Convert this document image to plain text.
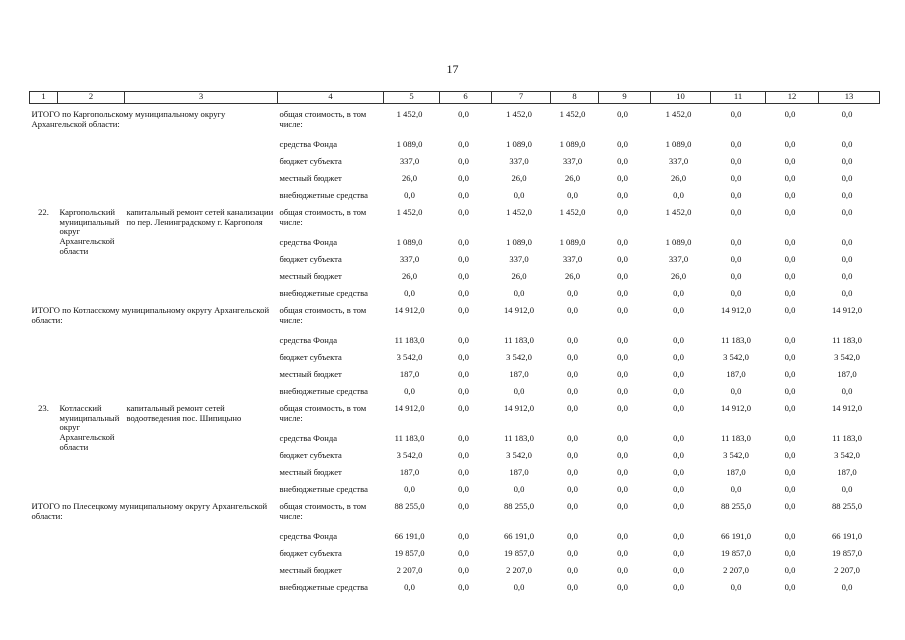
17
1	2	3	4	5	6	7	8	9	10	11	12	13

ИТОГО по Каргопольскому муниципальному округу Архангельской области:			общая стоимость, в том числе:	1 452,0	0,0	1 452,0	1 452,0	0,0	1 452,0	0,0	0,0	0,0
			средства Фонда	1 089,0	0,0	1 089,0	1 089,0	0,0	1 089,0	0,0	0,0	0,0
			бюджет субъекта	337,0	0,0	337,0	337,0	0,0	337,0	0,0	0,0	0,0
			местный бюджет	26,0	0,0	26,0	26,0	0,0	26,0	0,0	0,0	0,0
			внебюджетные средства	0,0	0,0	0,0	0,0	0,0	0,0	0,0	0,0	0,0
22.	Каргопольский муниципальный округ Архангельской области	капитальный ремонт сетей канализации по пер. Ленинградскому г. Каргополя	общая стоимость, в том числе:	1 452,0	0,0	1 452,0	1 452,0	0,0	1 452,0	0,0	0,0	0,0
			средства Фонда	1 089,0	0,0	1 089,0	1 089,0	0,0	1 089,0	0,0	0,0	0,0
			бюджет субъекта	337,0	0,0	337,0	337,0	0,0	337,0	0,0	0,0	0,0
			местный бюджет	26,0	0,0	26,0	26,0	0,0	26,0	0,0	0,0	0,0
			внебюджетные средства	0,0	0,0	0,0	0,0	0,0	0,0	0,0	0,0	0,0
ИТОГО по Котласскому муниципальному округу Архангельской области:			общая стоимость, в том числе:	14 912,0	0,0	14 912,0	0,0	0,0	0,0	14 912,0	0,0	14 912,0
			средства Фонда	11 183,0	0,0	11 183,0	0,0	0,0	0,0	11 183,0	0,0	11 183,0
			бюджет субъекта	3 542,0	0,0	3 542,0	0,0	0,0	0,0	3 542,0	0,0	3 542,0
			местный бюджет	187,0	0,0	187,0	0,0	0,0	0,0	187,0	0,0	187,0
			внебюджетные средства	0,0	0,0	0,0	0,0	0,0	0,0	0,0	0,0	0,0
23.	Котласский муниципальный округ Архангельской области	капитальный ремонт сетей водоотведения пос. Шипицыно	общая стоимость, в том числе:	14 912,0	0,0	14 912,0	0,0	0,0	0,0	14 912,0	0,0	14 912,0
			средства Фонда	11 183,0	0,0	11 183,0	0,0	0,0	0,0	11 183,0	0,0	11 183,0
			бюджет субъекта	3 542,0	0,0	3 542,0	0,0	0,0	0,0	3 542,0	0,0	3 542,0
			местный бюджет	187,0	0,0	187,0	0,0	0,0	0,0	187,0	0,0	187,0
			внебюджетные средства	0,0	0,0	0,0	0,0	0,0	0,0	0,0	0,0	0,0
ИТОГО по Плесецкому муниципальному округу Архангельской области:			общая стоимость, в том числе:	88 255,0	0,0	88 255,0	0,0	0,0	0,0	88 255,0	0,0	88 255,0
			средства Фонда	66 191,0	0,0	66 191,0	0,0	0,0	0,0	66 191,0	0,0	66 191,0
			бюджет субъекта	19 857,0	0,0	19 857,0	0,0	0,0	0,0	19 857,0	0,0	19 857,0
			местный бюджет	2 207,0	0,0	2 207,0	0,0	0,0	0,0	2 207,0	0,0	2 207,0
			внебюджетные средства	0,0	0,0	0,0	0,0	0,0	0,0	0,0	0,0	0,0
